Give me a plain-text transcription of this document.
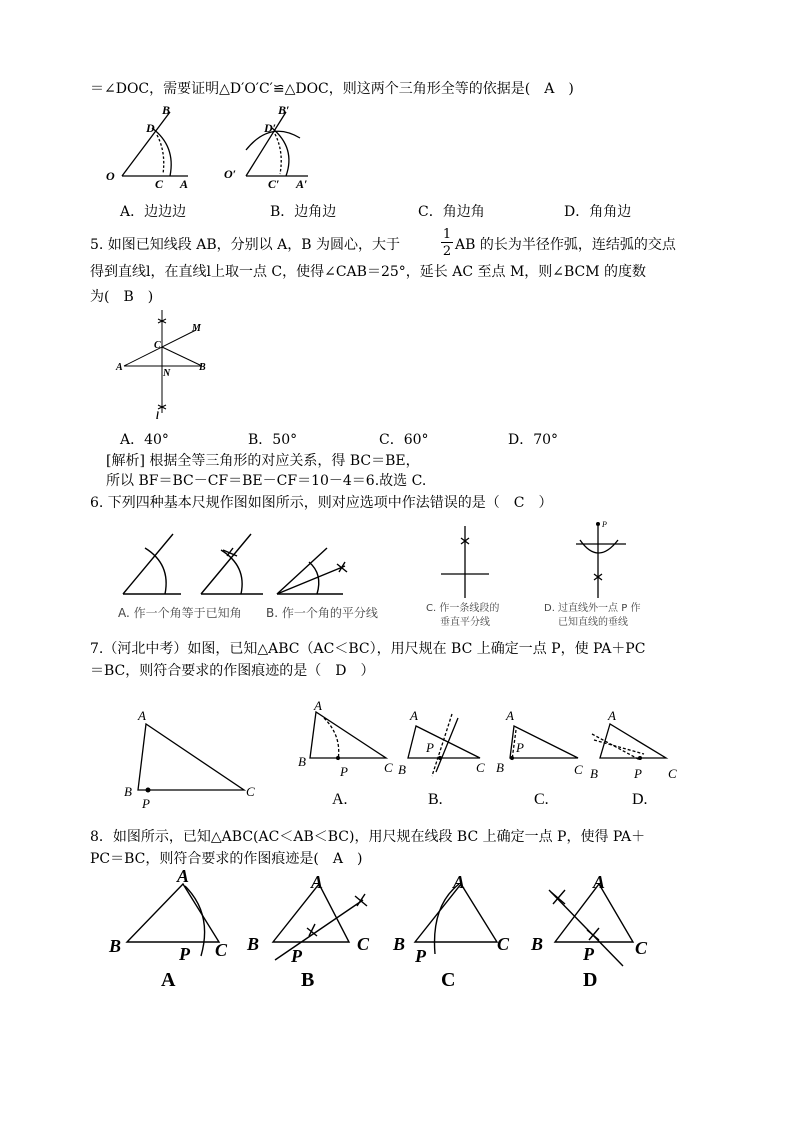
＝∠DOC，需要证明△D′O′C′≌△DOC，则这两个三角形全等的依据是(　A　)
B
D
O
C A
B′
D′
O′
C′ A′
A．边边边	B．边角边	C．角边角	D．角角边
5. 如图已知线段 AB，分别以 A，B 为圆心，大于
1
2 AB 的长为半径作弧，连结弧的交点
得到直线l，在直线l上取一点 C，使得∠CAB＝25°，延长 AC 至点 M，则∠BCM 的度数
为(　B　)
M
C
A
N
B
l
A．40°	B．50°	C．60°	D．70°
[解析] 根据全等三角形的对应关系，得 BC＝BE，
所以 BF＝BC－CF＝BE－CF＝10－4＝6.故选 C.
6. 下列四种基本尺规作图如图所示，则对应选项中作法错误的是（　C　）
A. 作一个角等于已知角 B. 作一个角的平分线	C. 作一条线段的
垂直平分线
P
D. 过直线外一点 P 作
已知直线的垂线
7.（河北中考）如图，已知△ABC（AC＜BC），用尺规在 BC 上确定一点 P，使 PA＋PC
＝BC，则符合要求的作图痕迹的是（　D　）
A
B	C
P
A
B	C
P
A
B	C
P
A
B	C
P
A
B	C
P
A.	B.	C.	D.
8．如图所示，已知△ABC(AC＜AB＜BC)，用尺规在线段 BC 上确定一点 P，使得 PA＋
PC＝BC，则符合要求的作图痕迹是(　A　)
A
B	C
P
A
B	C
P
A
B	C
P
A
B	C
P
A	B	C	D
